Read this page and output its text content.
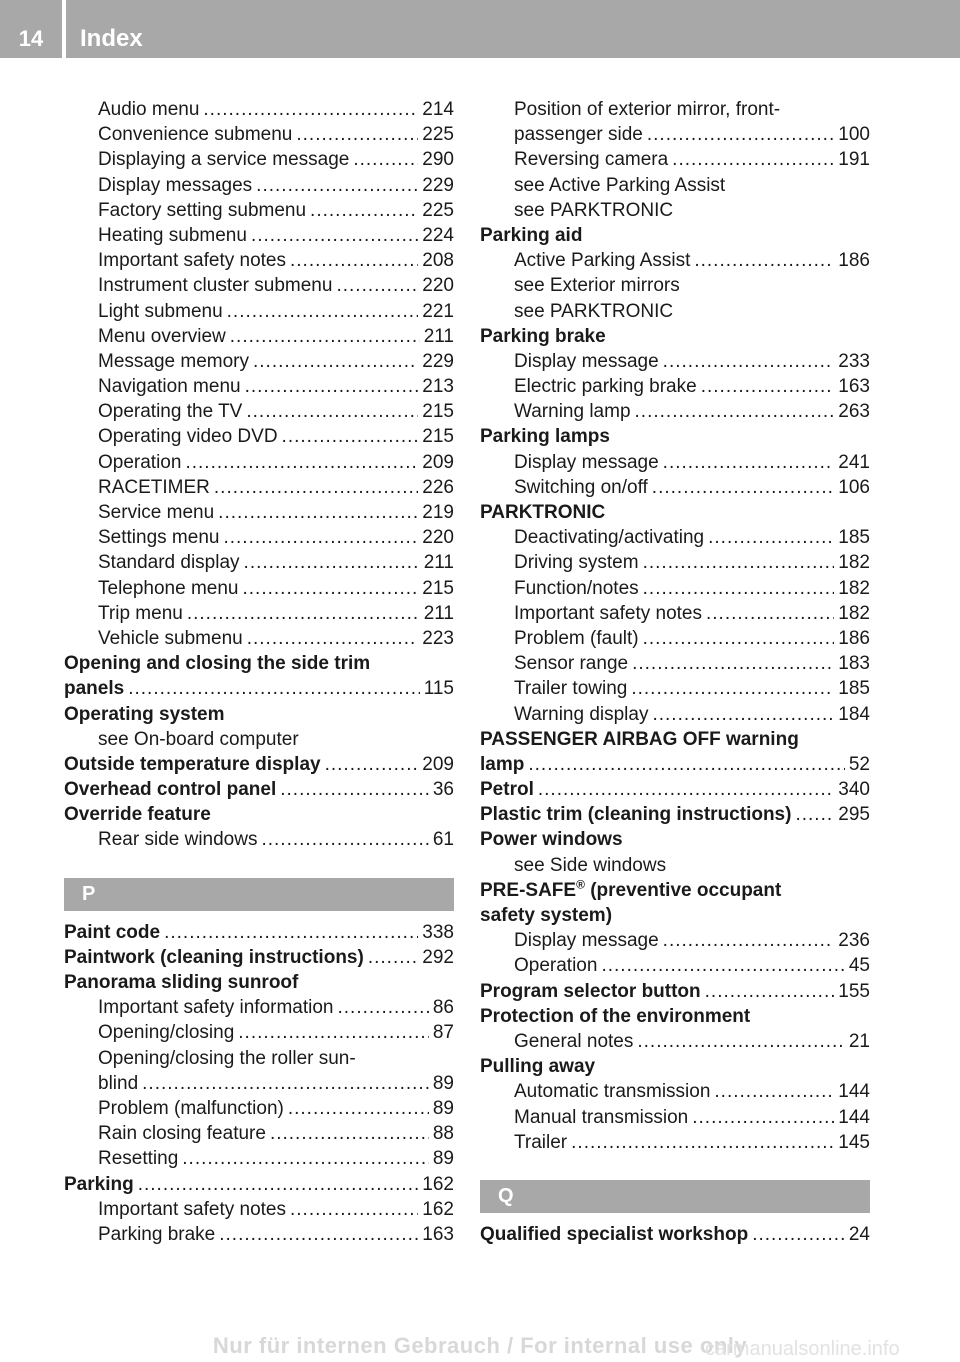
14	Index
Audio menu .....	214
Convenience submenu .....	225
Displaying a service message .....	290
Display messages .....	229
Factory setting submenu .....	225
Heating submenu .....	224
Important safety notes .....	208
Instrument cluster submenu .....	220
Light submenu .....	221
Menu overview .....	211
Message memory .....	229
Navigation menu .....	213
Operating the TV .....	215
Operating video DVD .....	215
Operation .....	209
RACETIMER .....	226
Service menu .....	219
Settings menu .....	220
Standard display .....	211
Telephone menu .....	215
Trip menu .....	211
Vehicle submenu .....	223
Opening and closing the side trim
panels .....	115
Operating system
see On-board computer
Outside temperature display .....	209
Overhead control panel .....	36
Override feature
Rear side windows .....	61
P
Paint code .....	338
Paintwork (cleaning instructions) .....	292
Panorama sliding sunroof
Important safety information .....	86
Opening/closing .....	87
Opening/closing the roller sun-
blind .....	89
Problem (malfunction) .....	89
Rain closing feature .....	88
Resetting .....	89
Parking .....	162
Important safety notes .....	162
Parking brake .....	163
Position of exterior mirror, front-
passenger side .....	100
Reversing camera .....	191
see Active Parking Assist
see PARKTRONIC
Parking aid
Active Parking Assist .....	186
see Exterior mirrors
see PARKTRONIC
Parking brake
Display message .....	233
Electric parking brake .....	163
Warning lamp .....	263
Parking lamps
Display message .....	241
Switching on/off .....	106
PARKTRONIC
Deactivating/activating .....	185
Driving system .....	182
Function/notes .....	182
Important safety notes .....	182
Problem (fault) .....	186
Sensor range .....	183
Trailer towing .....	185
Warning display .....	184
PASSENGER AIRBAG OFF warning
lamp .....	52
Petrol .....	340
Plastic trim (cleaning instructions) ..... 295
Power windows
see Side windows
PRE-SAFE® (preventive occupant
safety system)
Display message .....	236
Operation .....	45
Program selector button .....	155
Protection of the environment
General notes .....	21
Pulling away
Automatic transmission .....	144
Manual transmission .....	144
Trailer .....	145
Q
Qualified specialist workshop .....	24
Nur für internen Gebrauch / For internal use only
carmanualsonline.info
